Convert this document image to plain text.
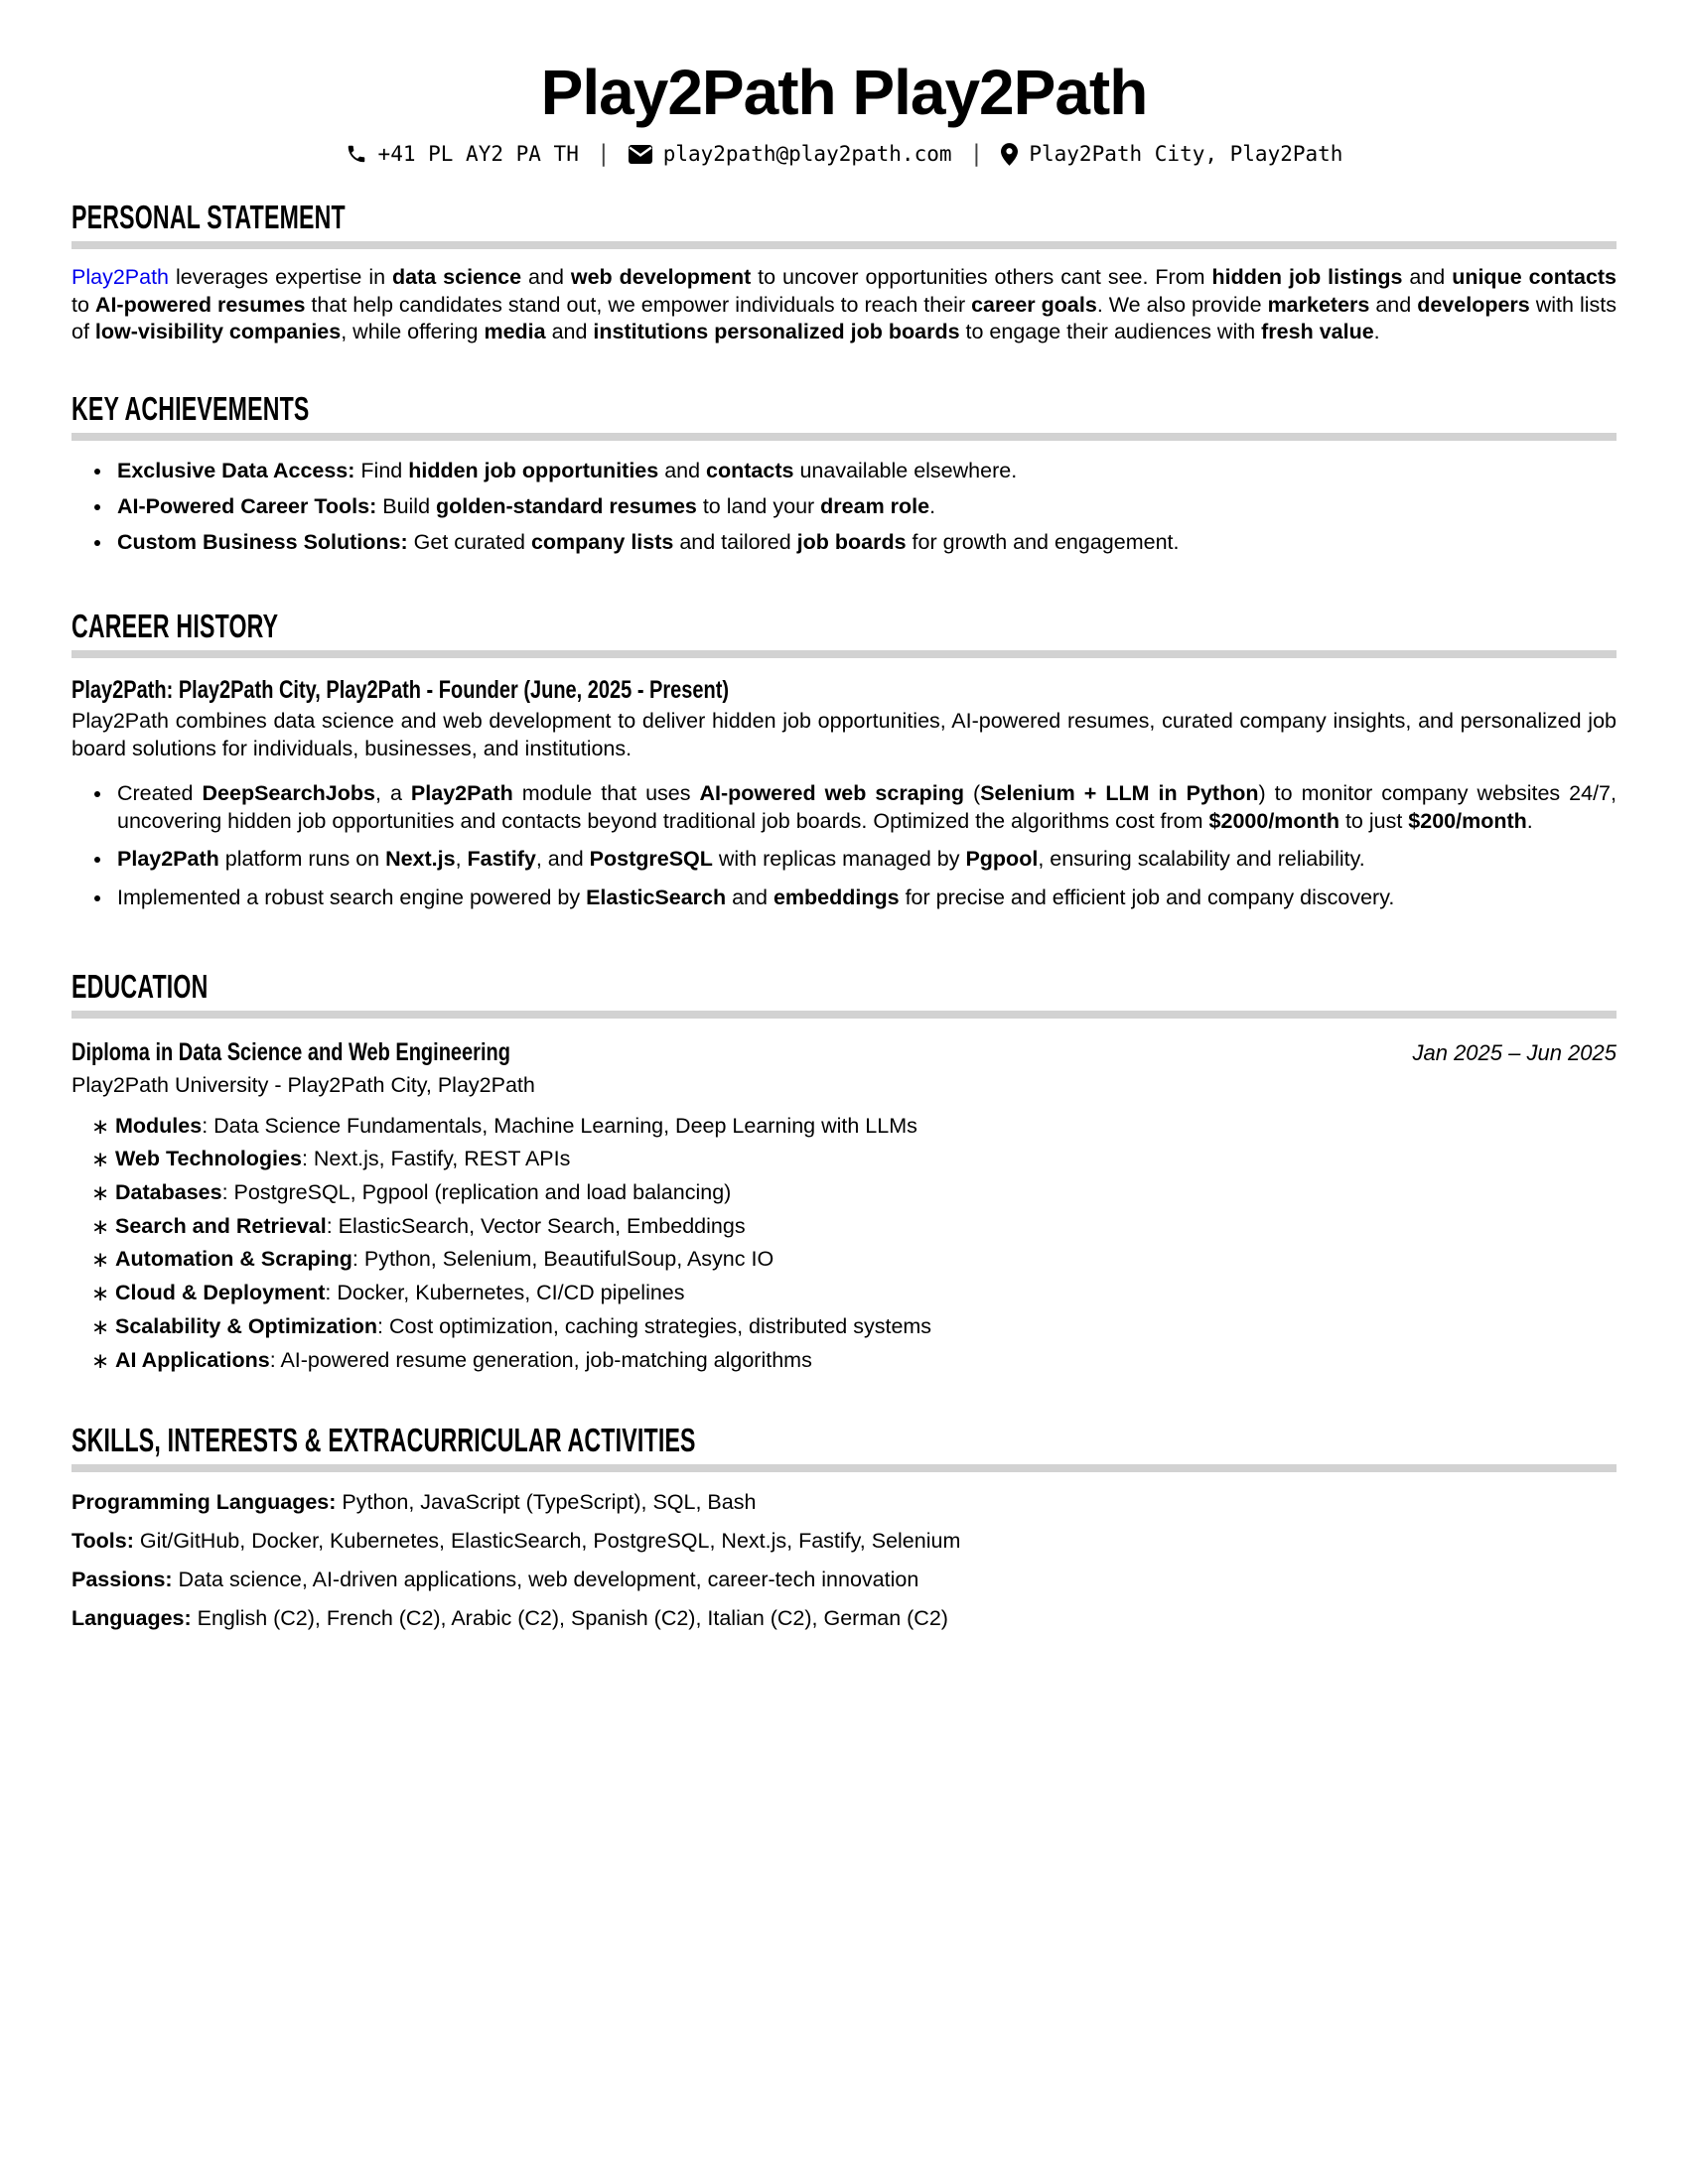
Play2Path Play2Path
+41 PL AY2 PA TH |	play2path@play2path.com | Play2Path City, Play2Path
PERSONAL STATEMENT

Play2Path leverages expertise in data science and web development to uncover opportunities others cant see. From hidden job listings and unique contacts to AI-powered resumes that help candidates stand out, we empower individuals to reach their career goals. We also provide marketers and developers with lists of low-visibility companies, while offering media and institutions personalized job boards to engage their audiences with fresh value.

KEY ACHIEVEMENTS
Exclusive Data Access: Find hidden job opportunities and contacts unavailable elsewhere.
AI-Powered Career Tools: Build golden-standard resumes to land your dream role.
Custom Business Solutions: Get curated company lists and tailored job boards for growth and engagement.
CAREER HISTORY
Play2Path: Play2Path City, Play2Path - Founder (June, 2025 - Present)

Play2Path combines data science and web development to deliver hidden job opportunities, AI-powered resumes, curated company insights, and personalized job board solutions for individuals, businesses, and institutions.

Created DeepSearchJobs, a Play2Path module that uses AI-powered web scraping (Selenium + LLM in Python) to monitor company websites 24/7, uncovering hidden job opportunities and contacts beyond traditional job boards. Optimized the algorithms cost from $2000/month to just $200/month.
Play2Path platform runs on Next.js, Fastify, and PostgreSQL with replicas managed by Pgpool, ensuring scalability and reliability.
Implemented a robust search engine powered by ElasticSearch and embeddings for precise and efficient job and company discovery.
EDUCATION
Diploma in Data Science and Web Engineering	Jan 2025 – Jun 2025
Play2Path University - Play2Path City, Play2Path
∗ Modules: Data Science Fundamentals, Machine Learning, Deep Learning with LLMs
∗ Web Technologies: Next.js, Fastify, REST APIs
∗ Databases: PostgreSQL, Pgpool (replication and load balancing)
∗ Search and Retrieval: ElasticSearch, Vector Search, Embeddings
∗ Automation & Scraping: Python, Selenium, BeautifulSoup, Async IO
∗ Cloud & Deployment: Docker, Kubernetes, CI/CD pipelines
∗ Scalability & Optimization: Cost optimization, caching strategies, distributed systems
∗ AI Applications: AI-powered resume generation, job-matching algorithms
SKILLS, INTERESTS & EXTRACURRICULAR ACTIVITIES
Programming Languages: Python, JavaScript (TypeScript), SQL, Bash
Tools: Git/GitHub, Docker, Kubernetes, ElasticSearch, PostgreSQL, Next.js, Fastify, Selenium
Passions: Data science, AI-driven applications, web development, career-tech innovation
Languages: English (C2), French (C2), Arabic (C2), Spanish (C2), Italian (C2), German (C2)
